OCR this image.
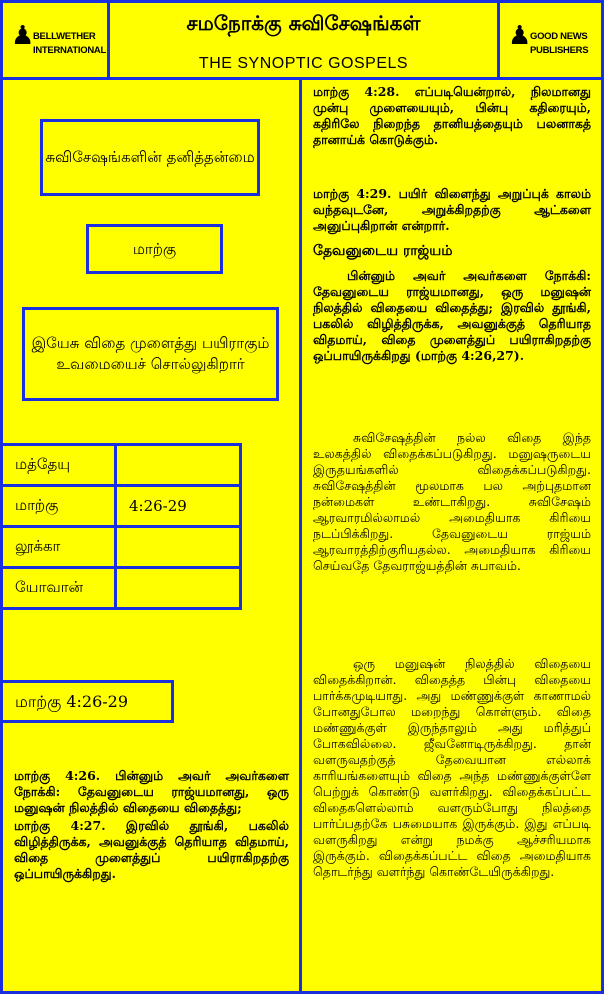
♟
BELLWETHER
INTERNATIONAL
சமநோக்கு சுவிசேஷங்கள்
THE SYNOPTIC GOSPELS
♟
GOOD NEWS
PUBLISHERS
சுவிசேஷங்களின் தனித்தன்மை
மாற்கு
இயேசு விதை முளைத்து பயிராகும் உவமையைச் சொல்லுகிறார்
மத்தேயு	
மாற்கு	4:26-29
லூக்கா	
யோவான்	
மாற்கு 4:26-29
மாற்கு 4:26. பின்னும் அவர் அவர்களை நோக்கி: தேவனுடைய ராஜ்யமானது, ஒரு மனுஷன் நிலத்தில் விதையை விதைத்து;
மாற்கு 4:27. இரவில் தூங்கி, பகலில் விழித்திருக்க, அவனுக்குத் தெரியாத விதமாய், விதை முளைத்துப் பயிராகிறதற்கு ஒப்பாயிருக்கிறது.
மாற்கு 4:28. எப்படியென்றால், நிலமானது முன்பு முளையையும், பின்பு கதிரையும், கதிரிலே நிறைந்த தானியத்தையும் பலனாகத் தானாய்க் கொடுக்கும்.
மாற்கு 4:29. பயிர் விளைந்து அறுப்புக் காலம் வந்தவுடனே, அறுக்கிறதற்கு ஆட்களை அனுப்புகிறான் என்றார்.
தேவனுடைய ராஜ்யம்
பின்னும் அவர் அவர்களை நோக்கி: தேவனுடைய ராஜ்யமானது, ஒரு மனுஷன் நிலத்தில் விதையை விதைத்து; இரவில் தூங்கி, பகலில் விழித்திருக்க, அவனுக்குத் தெரியாத விதமாய், விதை முளைத்துப் பயிராகிறதற்கு ஒப்பாயிருக்கிறது (மாற்கு 4:26,27).
சுவிசேஷத்தின் நல்ல விதை இந்த உலகத்தில் விதைக்கப்படுகிறது. மனுஷருடைய இருதயங்களில் விதைக்கப்படுகிறது. சுவிசேஷத்தின் மூலமாக பல அற்புதமான நன்மைகள் உண்டாகிறது. சுவிசேஷம் ஆரவாரமில்லாமல் அமைதியாக கிரியை நடப்பிக்கிறது. தேவனுடைய ராஜ்யம் ஆரவாரத்திற்குரியதல்ல. அமைதியாக கிரியை செய்வதே தேவராஜ்யத்தின் சுபாவம்.
ஒரு மனுஷன் நிலத்தில் விதையை விதைக்கிறான். விதைத்த பின்பு விதையை பார்க்கமுடியாது. அது மண்ணுக்குள் காணாமல் போனதுபோல மறைந்து கொள்ளும். விதை மண்ணுக்குள் இருந்தாலும் அது மரித்துப் போகவில்லை. ஜீவனோடிருக்கிறது. தான் வளருவதற்குத் தேவையான எல்லாக் காரியங்களையும் விதை அந்த மண்ணுக்குள்ளே பெற்றுக் கொண்டு வளர்கிறது. விதைக்கப்பட்ட விதைகளெல்லாம் வளரும்போது நிலத்தை பார்ப்பதற்கே பசுமையாக இருக்கும். இது எப்படி வளருகிறது என்று நமக்கு ஆச்சரியமாக இருக்கும். விதைக்கப்பட்ட விதை அமைதியாக தொடர்ந்து வளர்ந்து கொண்டேயிருக்கிறது.
